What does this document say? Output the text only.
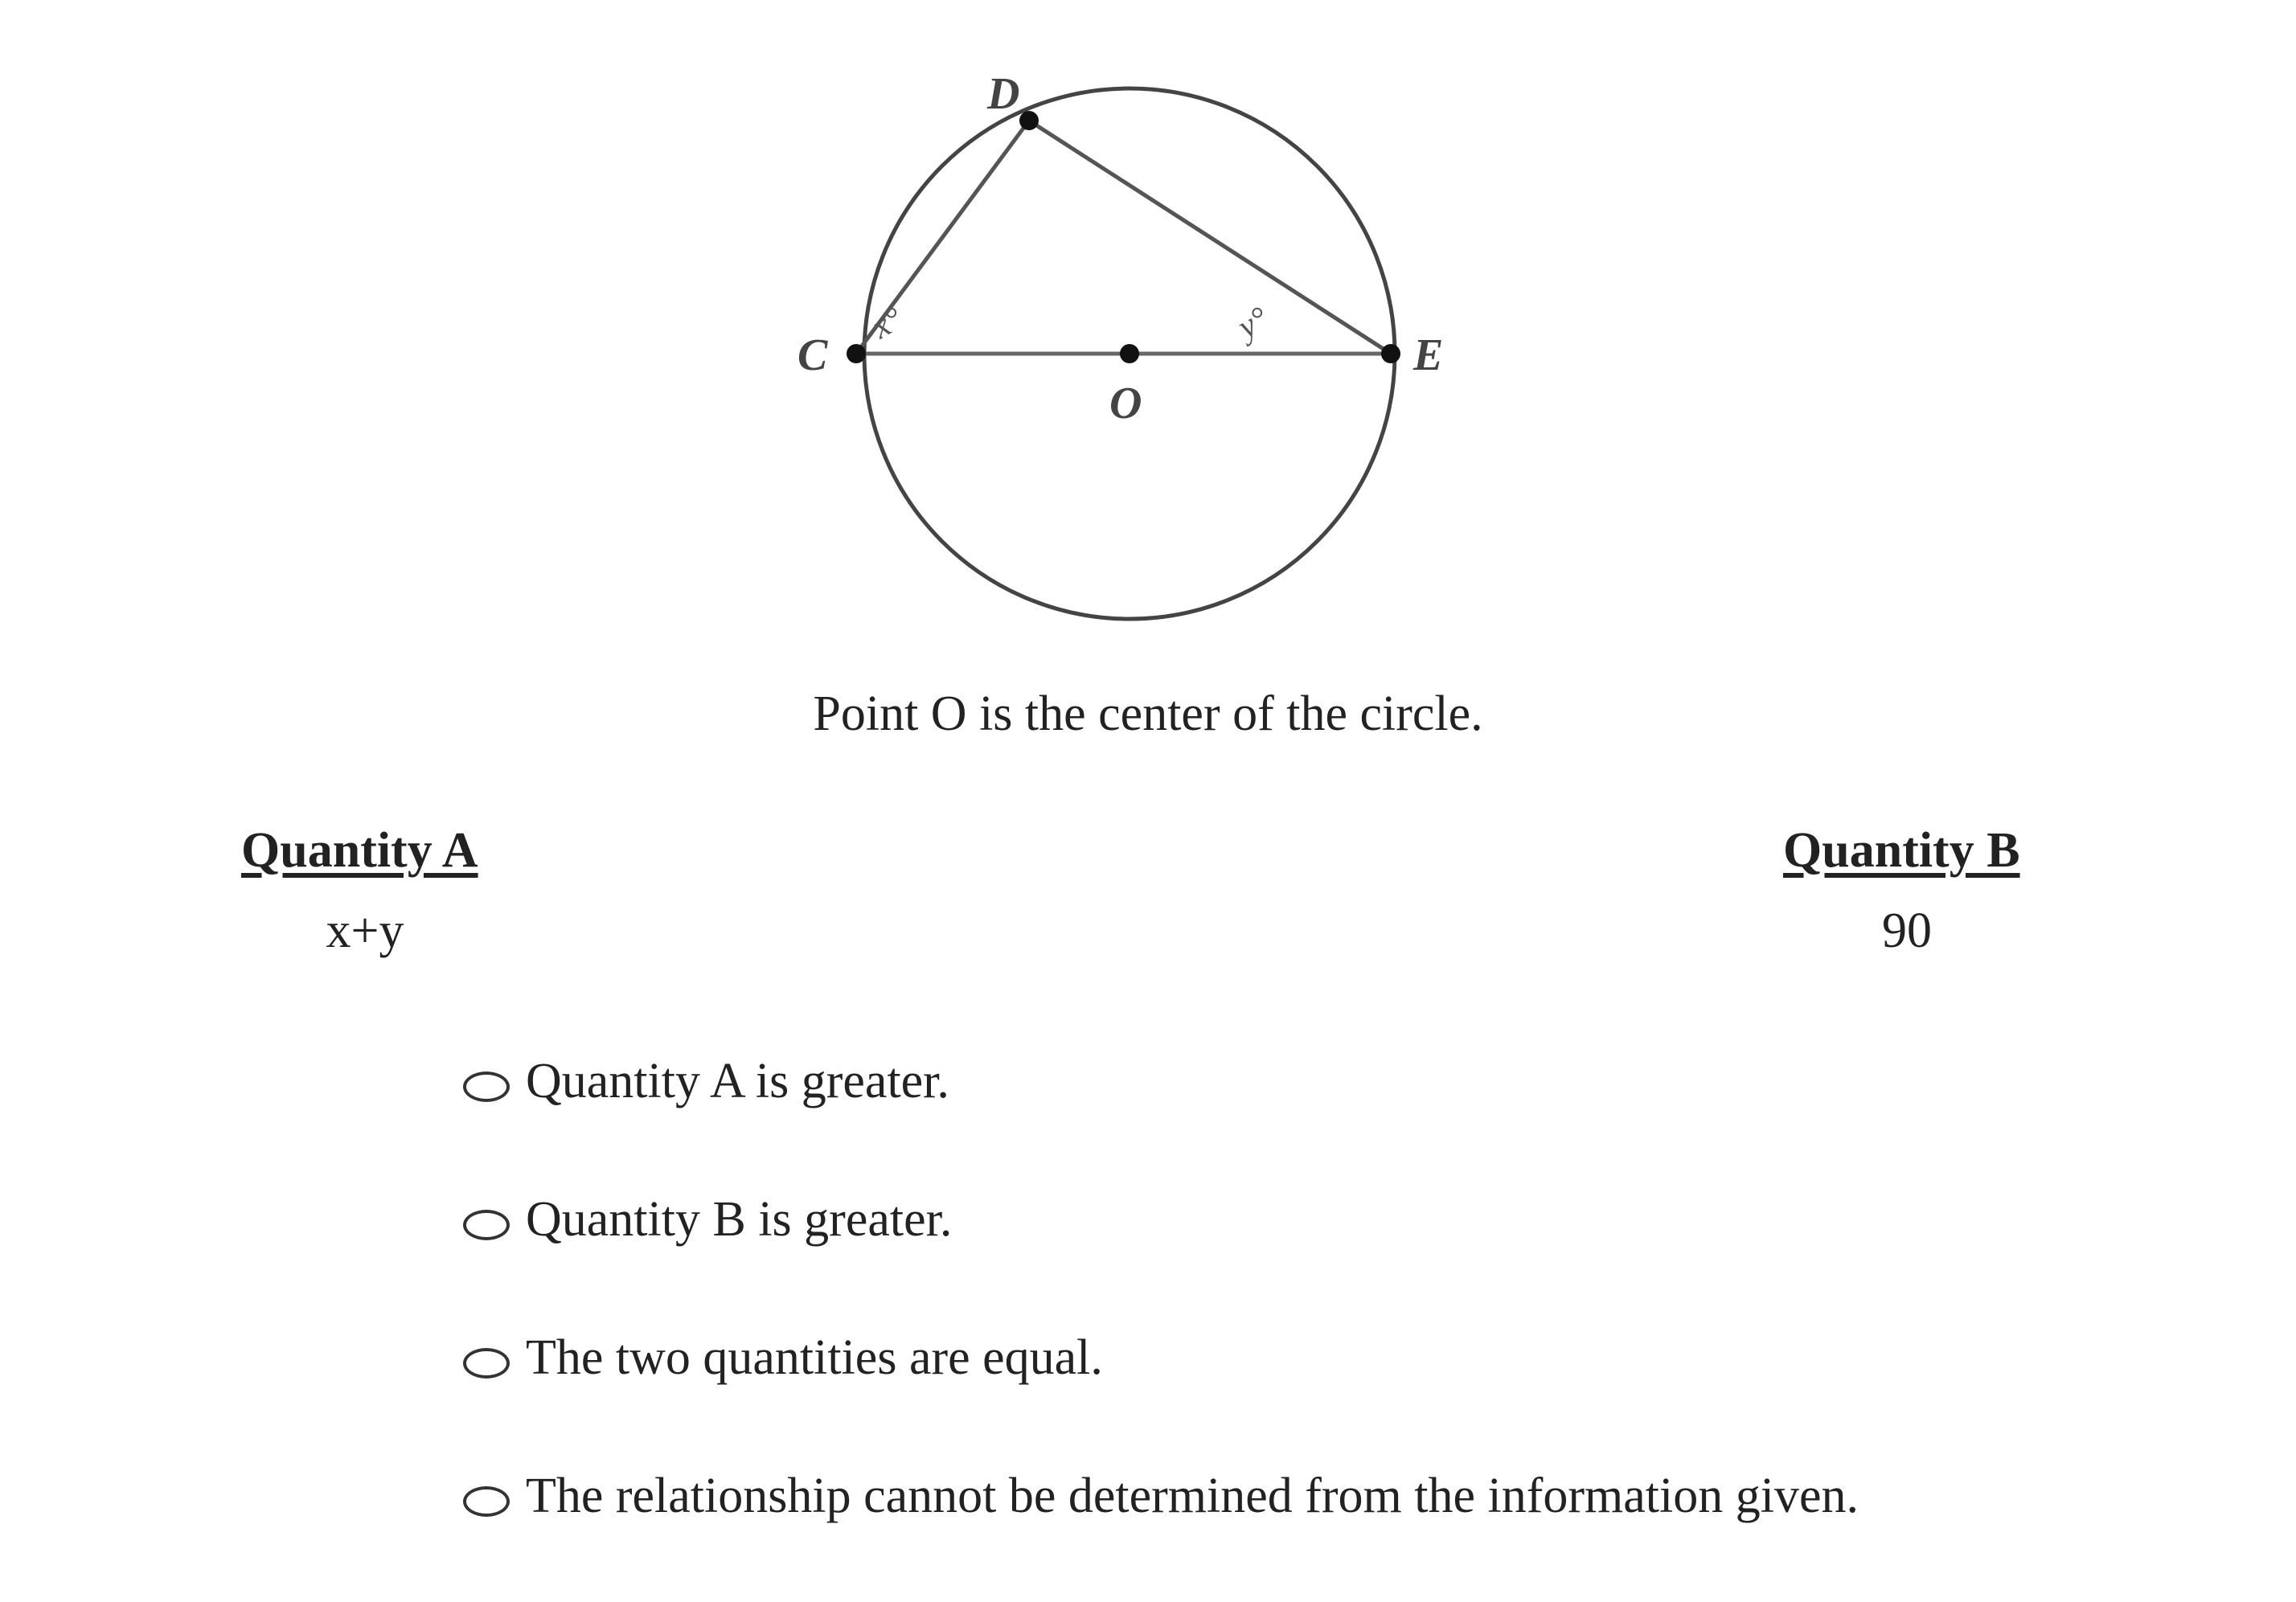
D
C
O
E
x°	y°
Point O is the center of the circle.
Quantity A
x+y
Quantity B
90
Quantity A is greater.
Quantity B is greater.
The two quantities are equal.
The relationship cannot be determined from the information given.
